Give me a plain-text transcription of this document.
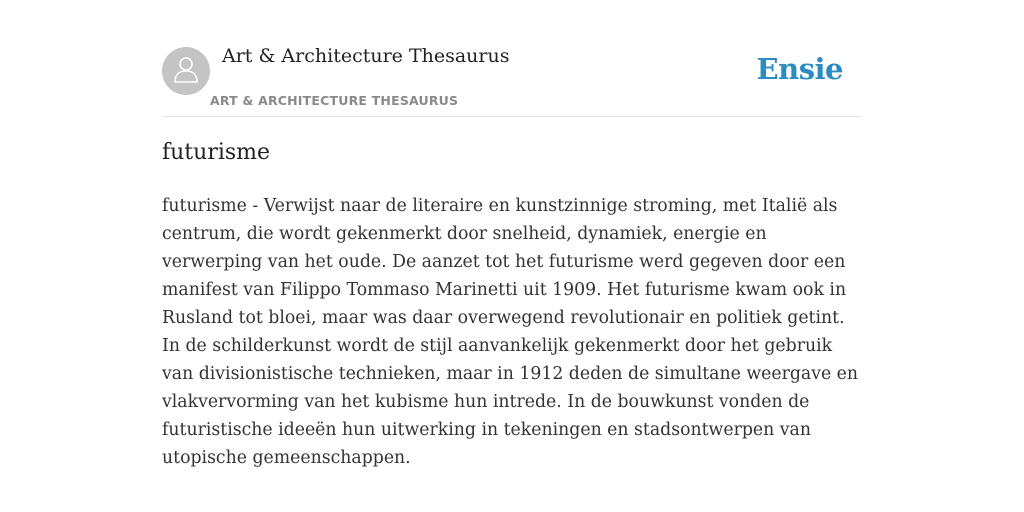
Art & Architecture Thesaurus
ART & ARCHITECTURE THESAURUS
Ensie
futurisme

futurisme - Verwijst naar de literaire en kunstzinnige stroming, met Italië als centrum, die wordt gekenmerkt door snelheid, dynamiek, energie en verwerping van het oude. De aanzet tot het futurisme werd gegeven door een manifest van Filippo Tommaso Marinetti uit 1909. Het futurisme kwam ook in Rusland tot bloei, maar was daar overwegend revolutionair en politiek getint. In de schilderkunst wordt de stijl aanvankelijk gekenmerkt door het gebruik van divisionistische technieken, maar in 1912 deden de simultane weergave en vlakvervorming van het kubisme hun intrede. In de bouwkunst vonden de futuristische ideeën hun uitwerking in tekeningen en stadsontwerpen van utopische gemeenschappen.
